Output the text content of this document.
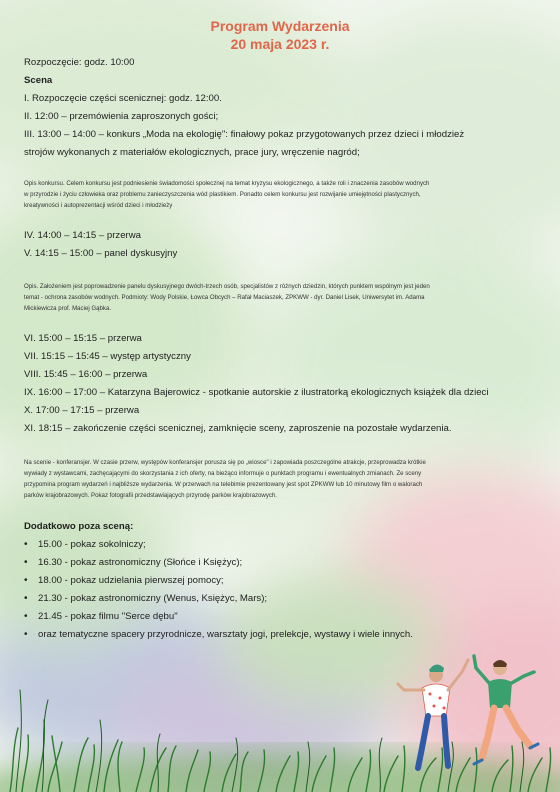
Program Wydarzenia
20 maja 2023 r.
Rozpoczęcie: godz. 10:00
Scena
I. Rozpoczęcie części scenicznej: godz. 12:00.
II. 12:00 – przemówienia zaproszonych gości;
III. 13:00 – 14:00 – konkurs „Moda na ekologię": finałowy pokaz przygotowanych przez dzieci i młodzież
strojów wykonanych z materiałów ekologicznych, prace jury, wręczenie nagród;
Opis konkursu. Celem konkursu jest podniesienie świadomości społecznej na temat kryzysu ekologicznego, a także roli i znaczenia zasobów wodnych
w przyrodzie i życiu człowieka oraz problemu zanieczyszczenia wód plastikiem. Ponadto celem konkursu jest rozwijanie umiejętności plastycznych,
kreatywności i autoprezentacji wśród dzieci i młodzieży
IV. 14:00 – 14:15 – przerwa
V. 14:15 – 15:00 – panel dyskusyjny
Opis. Założeniem jest poprowadzenie panelu dyskusyjnego dwóch-trzech osób, specjalistów z różnych dziedzin, których punktem wspólnym jest jeden
temat - ochrona zasobów wodnych. Podmioty: Wody Polskie, Łowca Obcych – Rafał Maciaszek, ZPKWW - dyr. Daniel Lisek, Uniwersytet im. Adama
Mickiewicza prof. Maciej Gąbka.
VI. 15:00 – 15:15 – przerwa
VII. 15:15 – 15:45 – występ artystyczny
VIII. 15:45 – 16:00 – przerwa
IX. 16:00 – 17:00 – Katarzyna Bajerowicz - spotkanie autorskie z ilustratorką ekologicznych książek dla dzieci
X. 17:00 – 17:15 – przerwa
XI. 18:15 – zakończenie części scenicznej, zamknięcie sceny, zaproszenie na pozostałe wydarzenia.
Na scenie - konferansjer. W czasie przerw, występów konferansjer porusza się po „wiosce" i zapowiada poszczególne atrakcje, przeprowadza krótkie
wywiady z wystawcami, zachęcającymi do skorzystania z ich oferty, na bieżąco informuje o punktach programu i ewentualnych zmianach. Ze sceny
przypomina program wydarzeń i najbliższe wydarzenia. W przerwach na telebimie prezentowany jest spot ZPKWW lub 10 minutowy film o walorach
parków krajobrazowych. Pokaz fotografii przedstawiających przyrodę parków krajobrazowych.
Dodatkowo poza sceną:
• 15.00 - pokaz sokolniczy;
• 16.30 - pokaz astronomiczny (Słońce i Księżyc);
• 18.00 - pokaz udzielania pierwszej pomocy;
• 21.30 - pokaz astronomiczny (Wenus, Księżyc, Mars);
• 21.45 - pokaz filmu "Serce dębu"
• oraz tematyczne spacery przyrodnicze, warsztaty jogi, prelekcje, wystawy i wiele innych.
